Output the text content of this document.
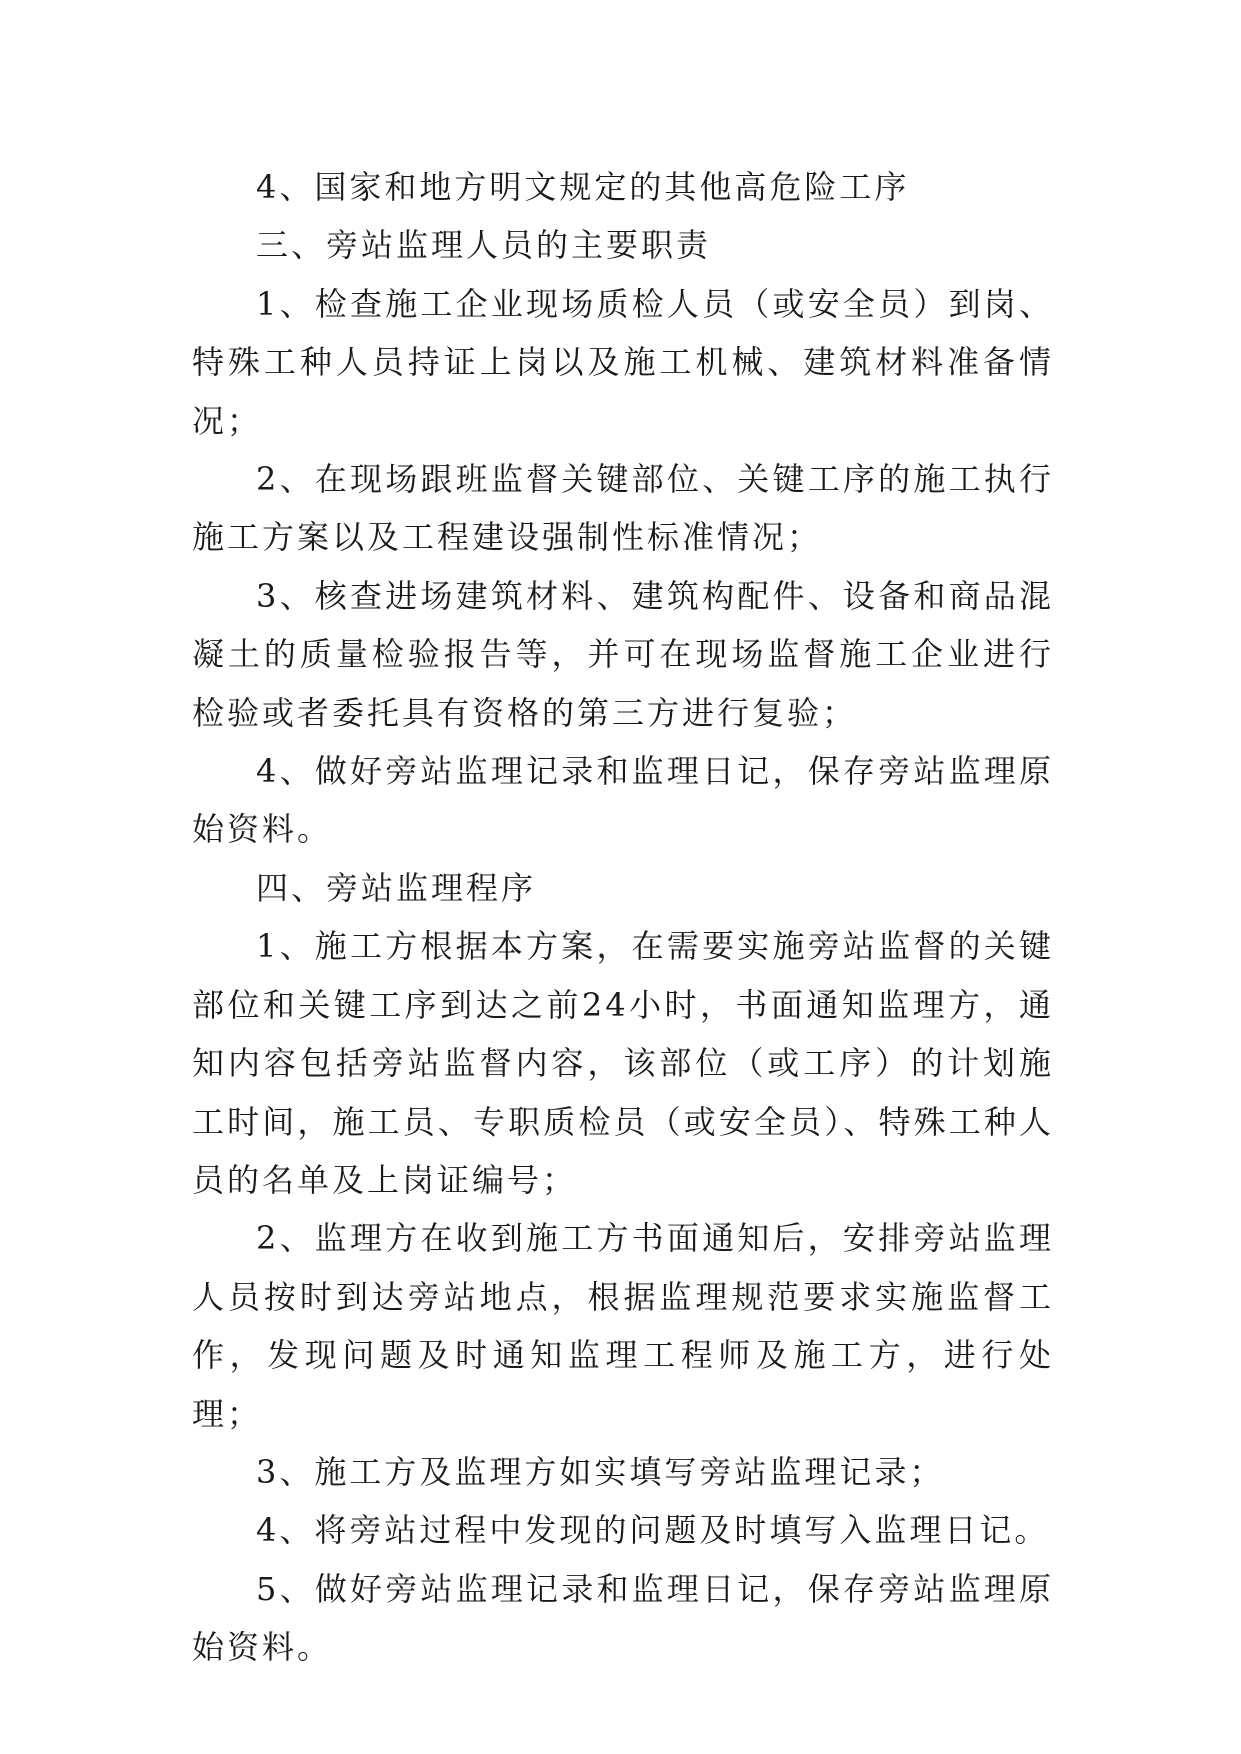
4、国家和地方明文规定的其他高危险工序

三、旁站监理人员的主要职责

1、检查施工企业现场质检人员（或安全员）到岗、特殊工种人员持证上岗以及施工机械、建筑材料准备情况；

2、在现场跟班监督关键部位、关键工序的施工执行施工方案以及工程建设强制性标准情况；

3、核查进场建筑材料、建筑构配件、设备和商品混凝土的质量检验报告等，并可在现场监督施工企业进行检验或者委托具有资格的第三方进行复验；

4、做好旁站监理记录和监理日记，保存旁站监理原始资料。

四、旁站监理程序

1、施工方根据本方案，在需要实施旁站监督的关键部位和关键工序到达之前24小时，书面通知监理方，通知内容包括旁站监督内容，该部位（或工序）的计划施工时间，施工员、专职质检员（或安全员）、特殊工种人员的名单及上岗证编号；

2、监理方在收到施工方书面通知后，安排旁站监理人员按时到达旁站地点，根据监理规范要求实施监督工作，发现问题及时通知监理工程师及施工方，进行处理；

3、施工方及监理方如实填写旁站监理记录；

4、将旁站过程中发现的问题及时填写入监理日记。

5、做好旁站监理记录和监理日记，保存旁站监理原始资料。
